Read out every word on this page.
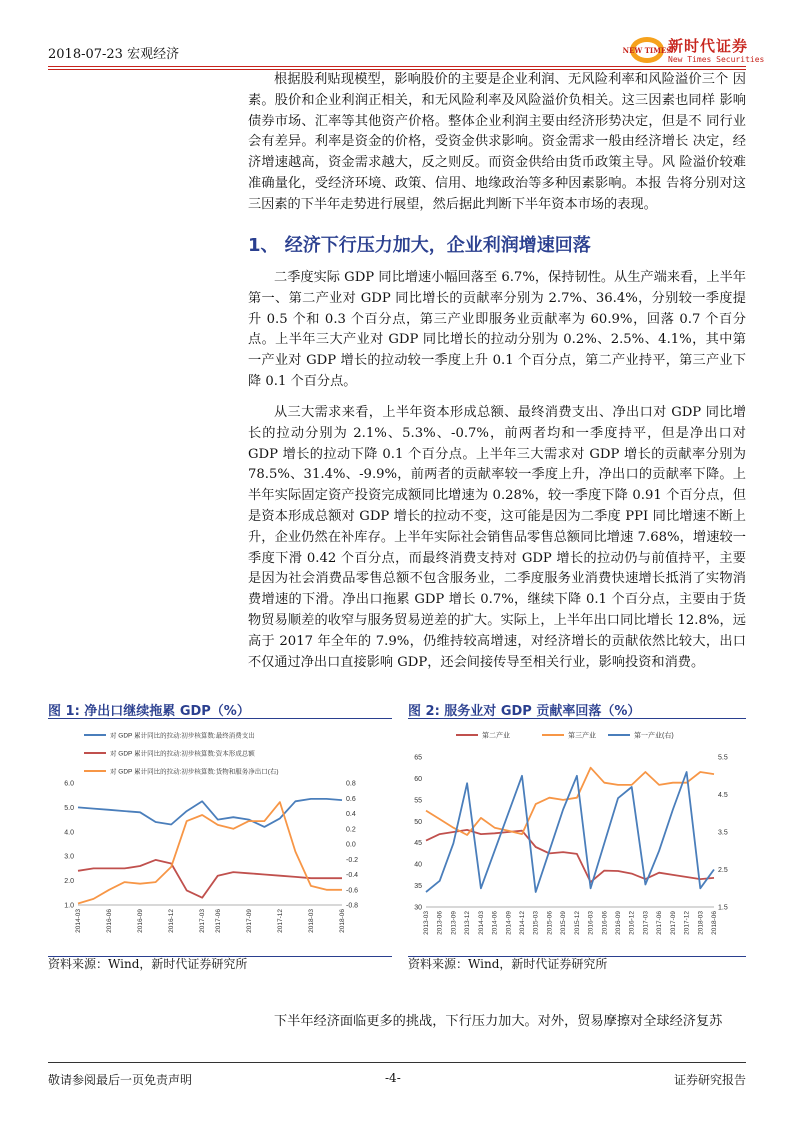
2018-07-23 宏观经济	NEW TIMES
新时代证券
New Times Securities

根据股利贴现模型，影响股价的主要是企业利润、无风险利率和风险溢价三个 因素。股价和企业利润正相关，和无风险利率及风险溢价负相关。这三因素也同样 影响债券市场、汇率等其他资产价格。整体企业利润主要由经济形势决定，但是不 同行业会有差异。利率是资金的价格，受资金供求影响。资金需求一般由经济增长 决定，经济增速越高，资金需求越大，反之则反。而资金供给由货币政策主导。风 险溢价较难准确量化，受经济环境、政策、信用、地缘政治等多种因素影响。本报 告将分别对这三因素的下半年走势进行展望，然后据此判断下半年资本市场的表现。

1、 经济下行压力加大，企业利润增速回落

二季度实际 GDP 同比增速小幅回落至 6.7%，保持韧性。从生产端来看，上半年第一、第二产业对 GDP 同比增长的贡献率分别为 2.7%、36.4%，分别较一季度提升 0.5 个和 0.3 个百分点，第三产业即服务业贡献率为 60.9%，回落 0.7 个百分点。上半年三大产业对 GDP 同比增长的拉动分别为 0.2%、2.5%、4.1%，其中第一产业对 GDP 增长的拉动较一季度上升 0.1 个百分点，第二产业持平，第三产业下降 0.1 个百分点。

从三大需求来看，上半年资本形成总额、最终消费支出、净出口对 GDP 同比增长的拉动分别为 2.1%、5.3%、-0.7%，前两者均和一季度持平，但是净出口对 GDP 增长的拉动下降 0.1 个百分点。上半年三大需求对 GDP 增长的贡献率分别为 78.5%、31.4%、-9.9%，前两者的贡献率较一季度上升，净出口的贡献率下降。上半年实际固定资产投资完成额同比增速为 0.28%，较一季度下降 0.91 个百分点，但是资本形成总额对 GDP 增长的拉动不变，这可能是因为二季度 PPI 同比增速不断上升，企业仍然在补库存。上半年实际社会销售品零售总额同比增速 7.68%，增速较一季度下滑 0.42 个百分点，而最终消费支持对 GDP 增长的拉动仍与前值持平，主要是因为社会消费品零售总额不包含服务业，二季度服务业消费快速增长抵消了实物消费增速的下滑。净出口拖累 GDP 增长 0.7%，继续下降 0.1 个百分点，主要由于货物贸易顺差的收窄与服务贸易逆差的扩大。实际上，上半年出口同比增长 12.8%，远高于 2017 年全年的 7.9%，仍维持较高增速，对经济增长的贡献依然比较大，出口不仅通过净出口直接影响 GDP，还会间接传导至相关行业，影响投资和消费。

图 1: 净出口继续拖累 GDP（%）	图 2: 服务业对 GDP 贡献率回落（%）
对 GDP 累计同比的拉动:初步核算数:最终消费支出
对 GDP 累计同比的拉动:初步核算数:资本形成总额
对 GDP 累计同比的拉动:初步核算数:货物和服务净出口(右)
1.0
2.0
3.0
4.0
5.0
6.0
-0.8
-0.6
-0.4
-0.2
0.0
0.2
0.4
0.6
0.8
2014-03	2016-06	2016-09	2016-12	2017-03 2017-06	2017-09	2017-12	2018-03	2018-06
第二产业	第三产业	第一产业(右)
30
35
40
45
50
55
60
65
1.5
2.5
3.5
4.5
5.5
2013-03 2013-06 2013-09 2013-12 2014-03 2014-06 2014-09 2014-12 2015-03 2015-06 2015-09 2015-12 2016-03 2016-06 2016-09 2016-12 2017-03 2017-06 2017-09 2017-12 2018-03 2018-06
资料来源：Wind，新时代证券研究所	资料来源：Wind，新时代证券研究所

下半年经济面临更多的挑战，下行压力加大。对外，贸易摩擦对全球经济复苏

敬请参阅最后一页免责声明	-4-	证券研究报告
